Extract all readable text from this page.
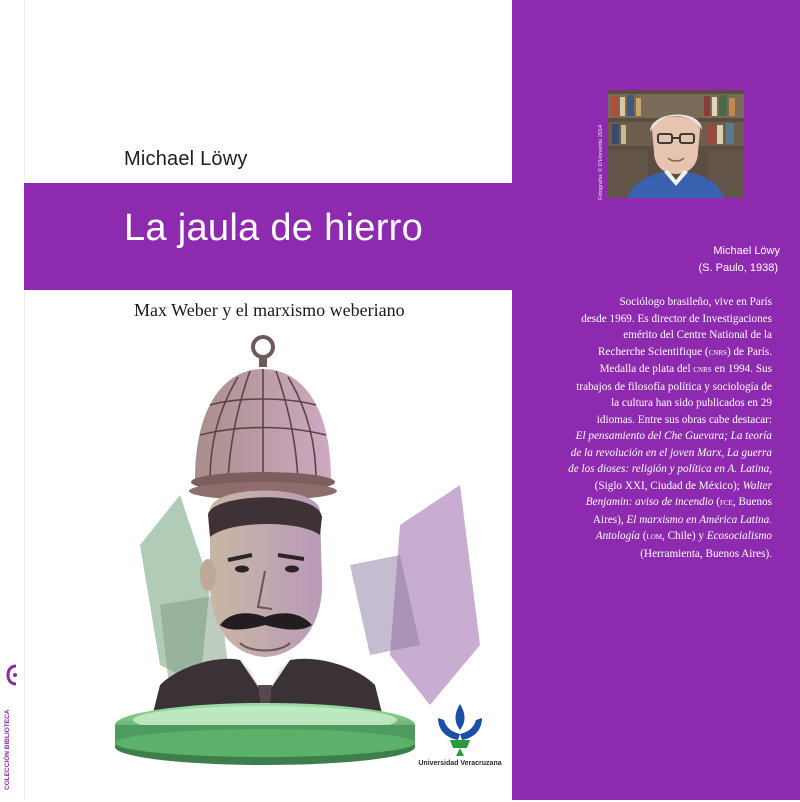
COLECCIÓN BIBLIOTECA
Michael Löwy
La jaula de hierro
Max Weber y el marxismo weberiano
Universidad Veracruzana
Fotografía: © D'Horvertte 2014
Michael Löwy
(S. Paulo, 1938)
Sociólogo brasileño, vive en París
desde 1969. Es director de Investigaciones
emérito del Centre National de la
Recherche Scientifique (cnrs) de París.
Medalla de plata del cnrs en 1994. Sus
trabajos de filosofía política y sociología de
la cultura han sido publicados en 29
idiomas. Entre sus obras cabe destacar:
El pensamiento del Che Guevara; La teoría
de la revolución en el joven Marx, La guerra
de los dioses: religión y política en A. Latina,
(Siglo XXI, Ciudad de México); Walter
Benjamin: aviso de incendio (fce, Buenos
Aires), El marxismo en América Latina.
Antología (lom, Chile) y Ecosocialismo
(Herramienta, Buenos Aires).
